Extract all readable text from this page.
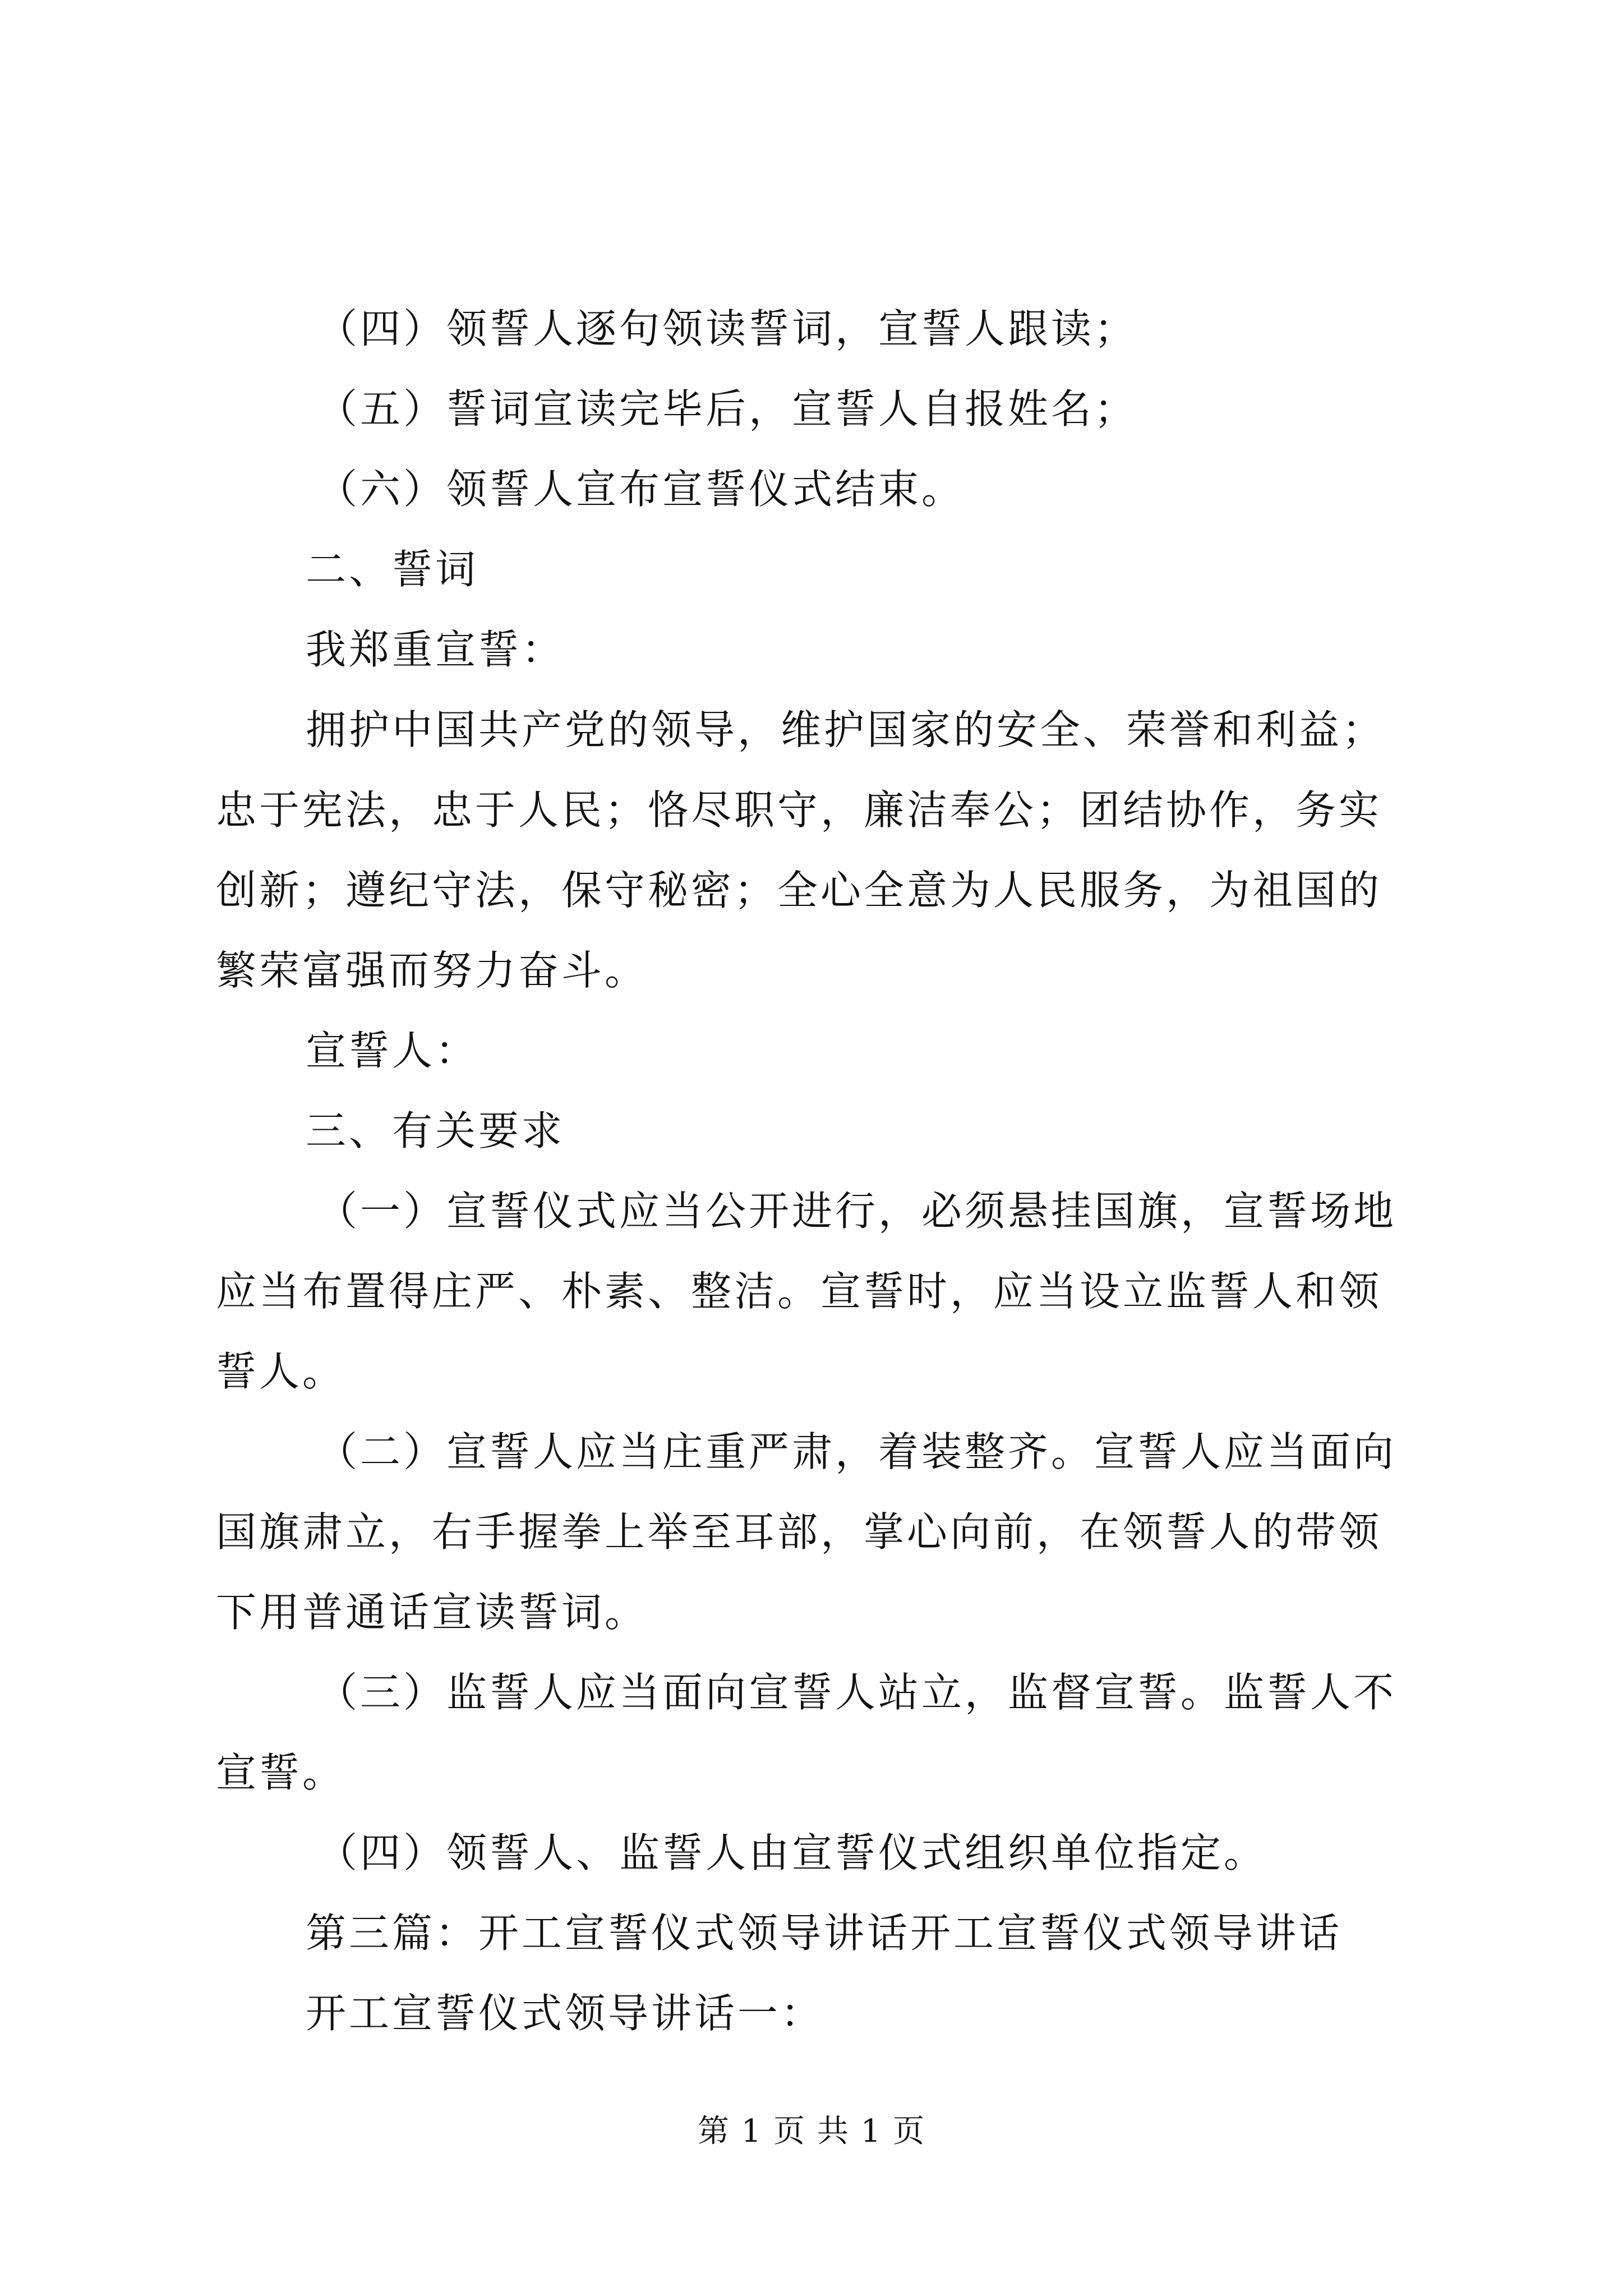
（四）领誓人逐句领读誓词，宣誓人跟读；

（五）誓词宣读完毕后，宣誓人自报姓名；

（六）领誓人宣布宣誓仪式结束。

二、誓词

我郑重宣誓：

拥护中国共产党的领导，维护国家的安全、荣誉和利益；忠于宪法，忠于人民；恪尽职守，廉洁奉公；团结协作，务实创新；遵纪守法，保守秘密；全心全意为人民服务，为祖国的繁荣富强而努力奋斗。

宣誓人：

三、有关要求

（一）宣誓仪式应当公开进行，必须悬挂国旗，宣誓场地应当布置得庄严、朴素、整洁。宣誓时，应当设立监誓人和领誓人。

（二）宣誓人应当庄重严肃，着装整齐。宣誓人应当面向国旗肃立，右手握拳上举至耳部，掌心向前，在领誓人的带领下用普通话宣读誓词。

（三）监誓人应当面向宣誓人站立，监督宣誓。监誓人不宣誓。

（四）领誓人、监誓人由宣誓仪式组织单位指定。

第三篇：开工宣誓仪式领导讲话开工宣誓仪式领导讲话

开工宣誓仪式领导讲话一：

第 1 页 共 1 页
